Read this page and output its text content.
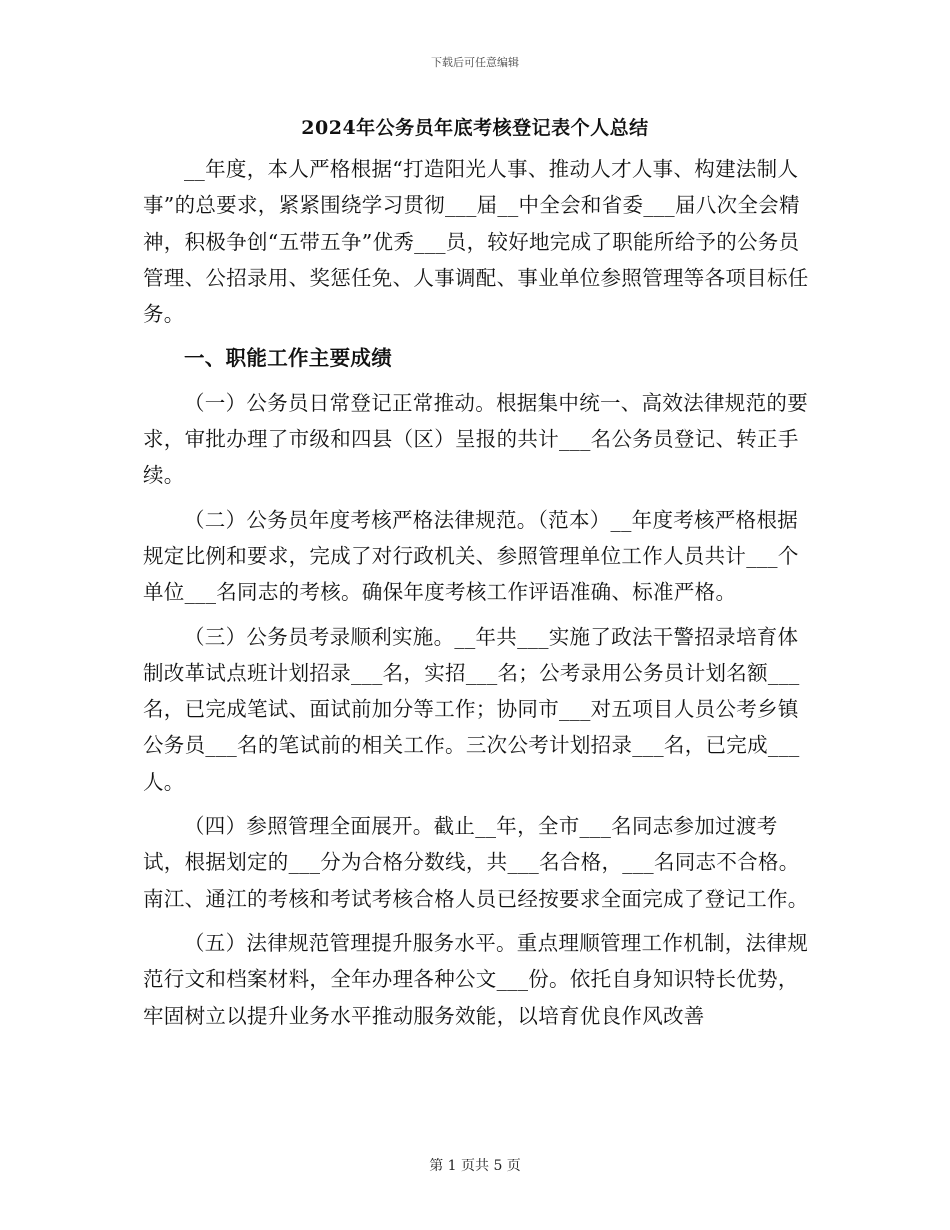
下载后可任意编辑
2024年公务员年底考核登记表个人总结

__年度，本人严格根据“打造阳光人事、推动人才人事、构建法制人事”的总要求，紧紧围绕学习贯彻___届__中全会和省委___届八次全会精神，积极争创“五带五争”优秀___员，较好地完成了职能所给予的公务员管理、公招录用、奖惩任免、人事调配、事业单位参照管理等各项目标任务。

一、职能工作主要成绩

（一）公务员日常登记正常推动。根据集中统一、高效法律规范的要求，审批办理了市级和四县（区）呈报的共计___名公务员登记、转正手续。

（二）公务员年度考核严格法律规范。（范本）__年度考核严格根据规定比例和要求，完成了对行政机关、参照管理单位工作人员共计___个单位___名同志的考核。确保年度考核工作评语准确、标准严格。

（三）公务员考录顺利实施。__年共___实施了政法干警招录培育体制改革试点班计划招录___名，实招___名；公考录用公务员计划名额___名，已完成笔试、面试前加分等工作；协同市___对五项目人员公考乡镇公务员___名的笔试前的相关工作。三次公考计划招录___名，已完成___人。

（四）参照管理全面展开。截止__年，全市___名同志参加过渡考试，根据划定的___分为合格分数线，共___名合格，___名同志不合格。南江、通江的考核和考试考核合格人员已经按要求全面完成了登记工作。

（五）法律规范管理提升服务水平。重点理顺管理工作机制，法律规范行文和档案材料，全年办理各种公文___份。依托自身知识特长优势，牢固树立以提升业务水平推动服务效能，以培育优良作风改善

第 1 页共 5 页
